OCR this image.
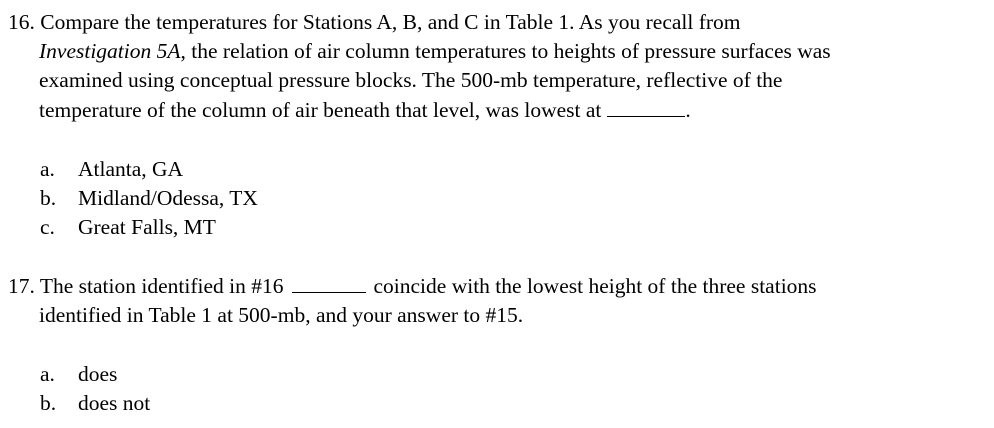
16. Compare the temperatures for Stations A, B, and C in Table 1. As you recall from
Investigation 5A, the relation of air column temperatures to heights of pressure surfaces was
examined using conceptual pressure blocks. The 500-mb temperature, reflective of the
temperature of the column of air beneath that level, was lowest at	.
a. Atlanta, GA
b. Midland/Odessa, TX
c. Great Falls, MT
17. The station identified in #16	coincide with the lowest height of the three stations
identified in Table 1 at 500-mb, and your answer to #15.
a. does
b. does not
